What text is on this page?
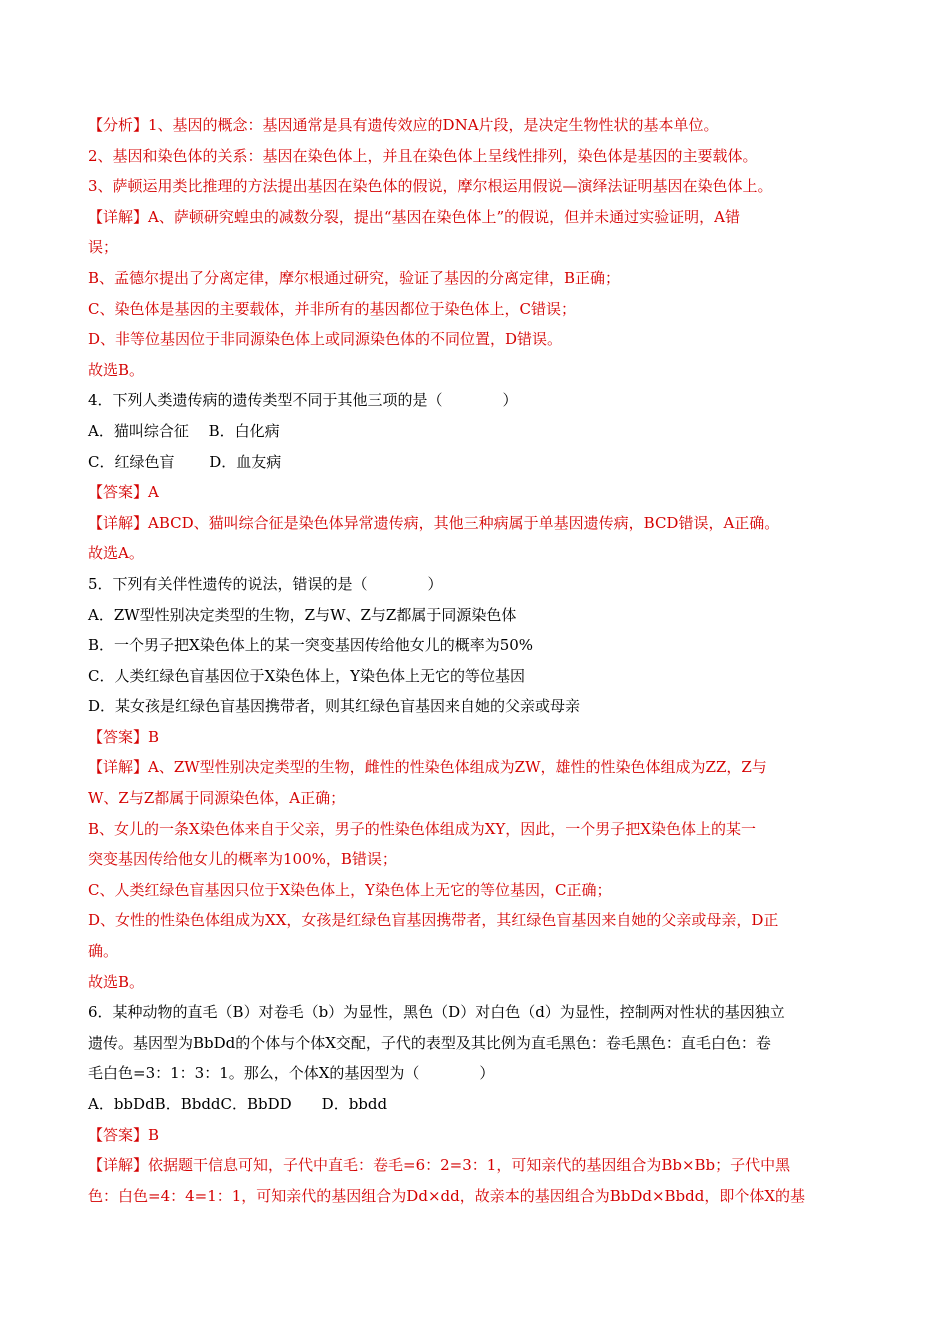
【分析】1、基因的概念：基因通常是具有遗传效应的DNA片段，是决定生物性状的基本单位。
2、基因和染色体的关系：基因在染色体上，并且在染色体上呈线性排列，染色体是基因的主要载体。
3、萨顿运用类比推理的方法提出基因在染色体的假说，摩尔根运用假说—演绎法证明基因在染色体上。
【详解】A、萨顿研究蝗虫的减数分裂，提出“基因在染色体上”的假说，但并未通过实验证明，A错
误；
B、孟德尔提出了分离定律，摩尔根通过研究，验证了基因的分离定律，B正确；
C、染色体是基因的主要载体，并非所有的基因都位于染色体上，C错误；
D、非等位基因位于非同源染色体上或同源染色体的不同位置，D错误。
故选B。
4．下列人类遗传病的遗传类型不同于其他三项的是（　　　　）
A．猫叫综合征　 B．白化病
C．红绿色盲　　 D．血友病
【答案】A
【详解】ABCD、猫叫综合征是染色体异常遗传病，其他三种病属于单基因遗传病，BCD错误，A正确。
故选A。
5．下列有关伴性遗传的说法，错误的是（　　　　）
A．ZW型性别决定类型的生物，Z与W、Z与Z都属于同源染色体
B．一个男子把X染色体上的某一突变基因传给他女儿的概率为50%
C．人类红绿色盲基因位于X染色体上，Y染色体上无它的等位基因
D．某女孩是红绿色盲基因携带者，则其红绿色盲基因来自她的父亲或母亲
【答案】B
【详解】A、ZW型性别决定类型的生物，雌性的性染色体组成为ZW，雄性的性染色体组成为ZZ，Z与
W、Z与Z都属于同源染色体，A正确；
B、女儿的一条X染色体来自于父亲，男子的性染色体组成为XY，因此，一个男子把X染色体上的某一
突变基因传给他女儿的概率为100%，B错误；
C、人类红绿色盲基因只位于X染色体上，Y染色体上无它的等位基因，C正确；
D、女性的性染色体组成为XX，女孩是红绿色盲基因携带者，其红绿色盲基因来自她的父亲或母亲，D正
确。
故选B。
6．某种动物的直毛（B）对卷毛（b）为显性，黑色（D）对白色（d）为显性，控制两对性状的基因独立
遗传。基因型为BbDd的个体与个体X交配，子代的表型及其比例为直毛黑色：卷毛黑色：直毛白色：卷
毛白色=3：1：3：1。那么，个体X的基因型为（　　　　）
A．bbDdB．BbddC．BbDD　　D．bbdd
【答案】B
【详解】依据题干信息可知，子代中直毛：卷毛=6：2=3：1，可知亲代的基因组合为Bb×Bb；子代中黑
色：白色=4：4=1：1，可知亲代的基因组合为Dd×dd，故亲本的基因组合为BbDd×Bbdd，即个体X的基
